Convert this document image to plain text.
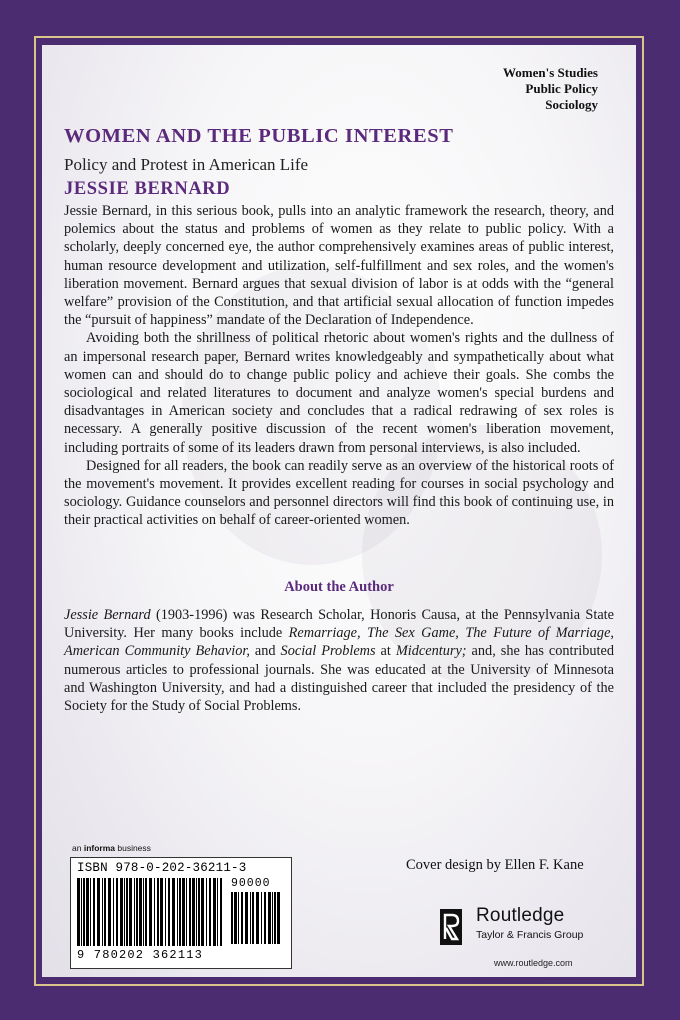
Women's Studies
Public Policy
Sociology
WOMEN AND THE PUBLIC INTEREST
Policy and Protest in American Life
JESSIE BERNARD

Jessie Bernard, in this serious book, pulls into an analytic framework the research, theory, and polemics about the status and problems of women as they relate to public policy. With a scholarly, deeply concerned eye, the author comprehensively examines areas of public interest, human resource development and utilization, self-fulfillment and sex roles, and the women's liberation movement. Bernard argues that sexual division of labor is at odds with the “general welfare” provision of the Constitution, and that artificial sexual allocation of function impedes the “pursuit of happiness” mandate of the Declaration of Independence.

Avoiding both the shrillness of political rhetoric about women's rights and the dullness of an impersonal research paper, Bernard writes knowledgeably and sympathetically about what women can and should do to change public policy and achieve their goals. She combs the sociological and related literatures to document and analyze women's special burdens and disadvantages in American society and concludes that a radical redrawing of sex roles is necessary. A generally positive discussion of the recent women's liberation movement, including portraits of some of its leaders drawn from personal interviews, is also included.

Designed for all readers, the book can readily serve as an overview of the historical roots of the movement's movement. It provides excellent reading for courses in social psychology and sociology. Guidance counselors and personnel directors will find this book of continuing use, in their practical activities on behalf of career-oriented women.

About the Author

Jessie Bernard (1903-1996) was Research Scholar, Honoris Causa, at the Pennsylvania State University. Her many books include Remarriage, The Sex Game, The Future of Marriage, American Community Behavior, and Social Problems at Midcentury; and, she has contributed numerous articles to professional journals. She was educated at the University of Minnesota and Washington University, and had a distinguished career that included the presidency of the Society for the Study of Social Problems.

an informa business
ISBN 978-0-202-36211-3
90000
9 780202 362113
Cover design by Ellen F. Kane
Routledge
Taylor & Francis Group
www.routledge.com
